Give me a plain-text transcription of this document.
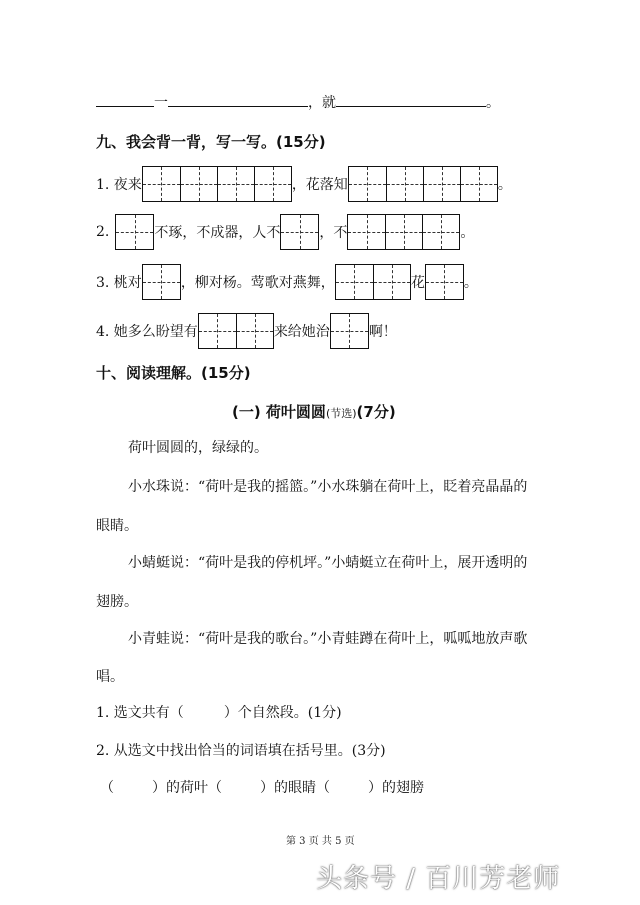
一	，就	。
九、我会背一背，写一写。(15分)
1. 夜来	，花落知	。
2.	不琢，不成器，人不	，不	。
3. 桃对	，柳对杨。莺歌对燕舞，	花	。
4. 她多么盼望有	来给她治	啊！
十、阅读理解。(15分)
(一) 荷叶圆圆(节选)(7分)
荷叶圆圆的，绿绿的。
小水珠说：“荷叶是我的摇篮。”小水珠躺在荷叶上，眨着亮晶晶的
眼睛。
小蜻蜓说：“荷叶是我的停机坪。”小蜻蜓立在荷叶上，展开透明的
翅膀。
小青蛙说：“荷叶是我的歌台。”小青蛙蹲在荷叶上，呱呱地放声歌
唱。
1. 选文共有（	）个自然段。(1分)
2. 从选文中找出恰当的词语填在括号里。(3分)
（	）的荷叶（	）的眼睛（	）的翅膀
第 3 页 共 5 页
头条号 / 百川芳老师
